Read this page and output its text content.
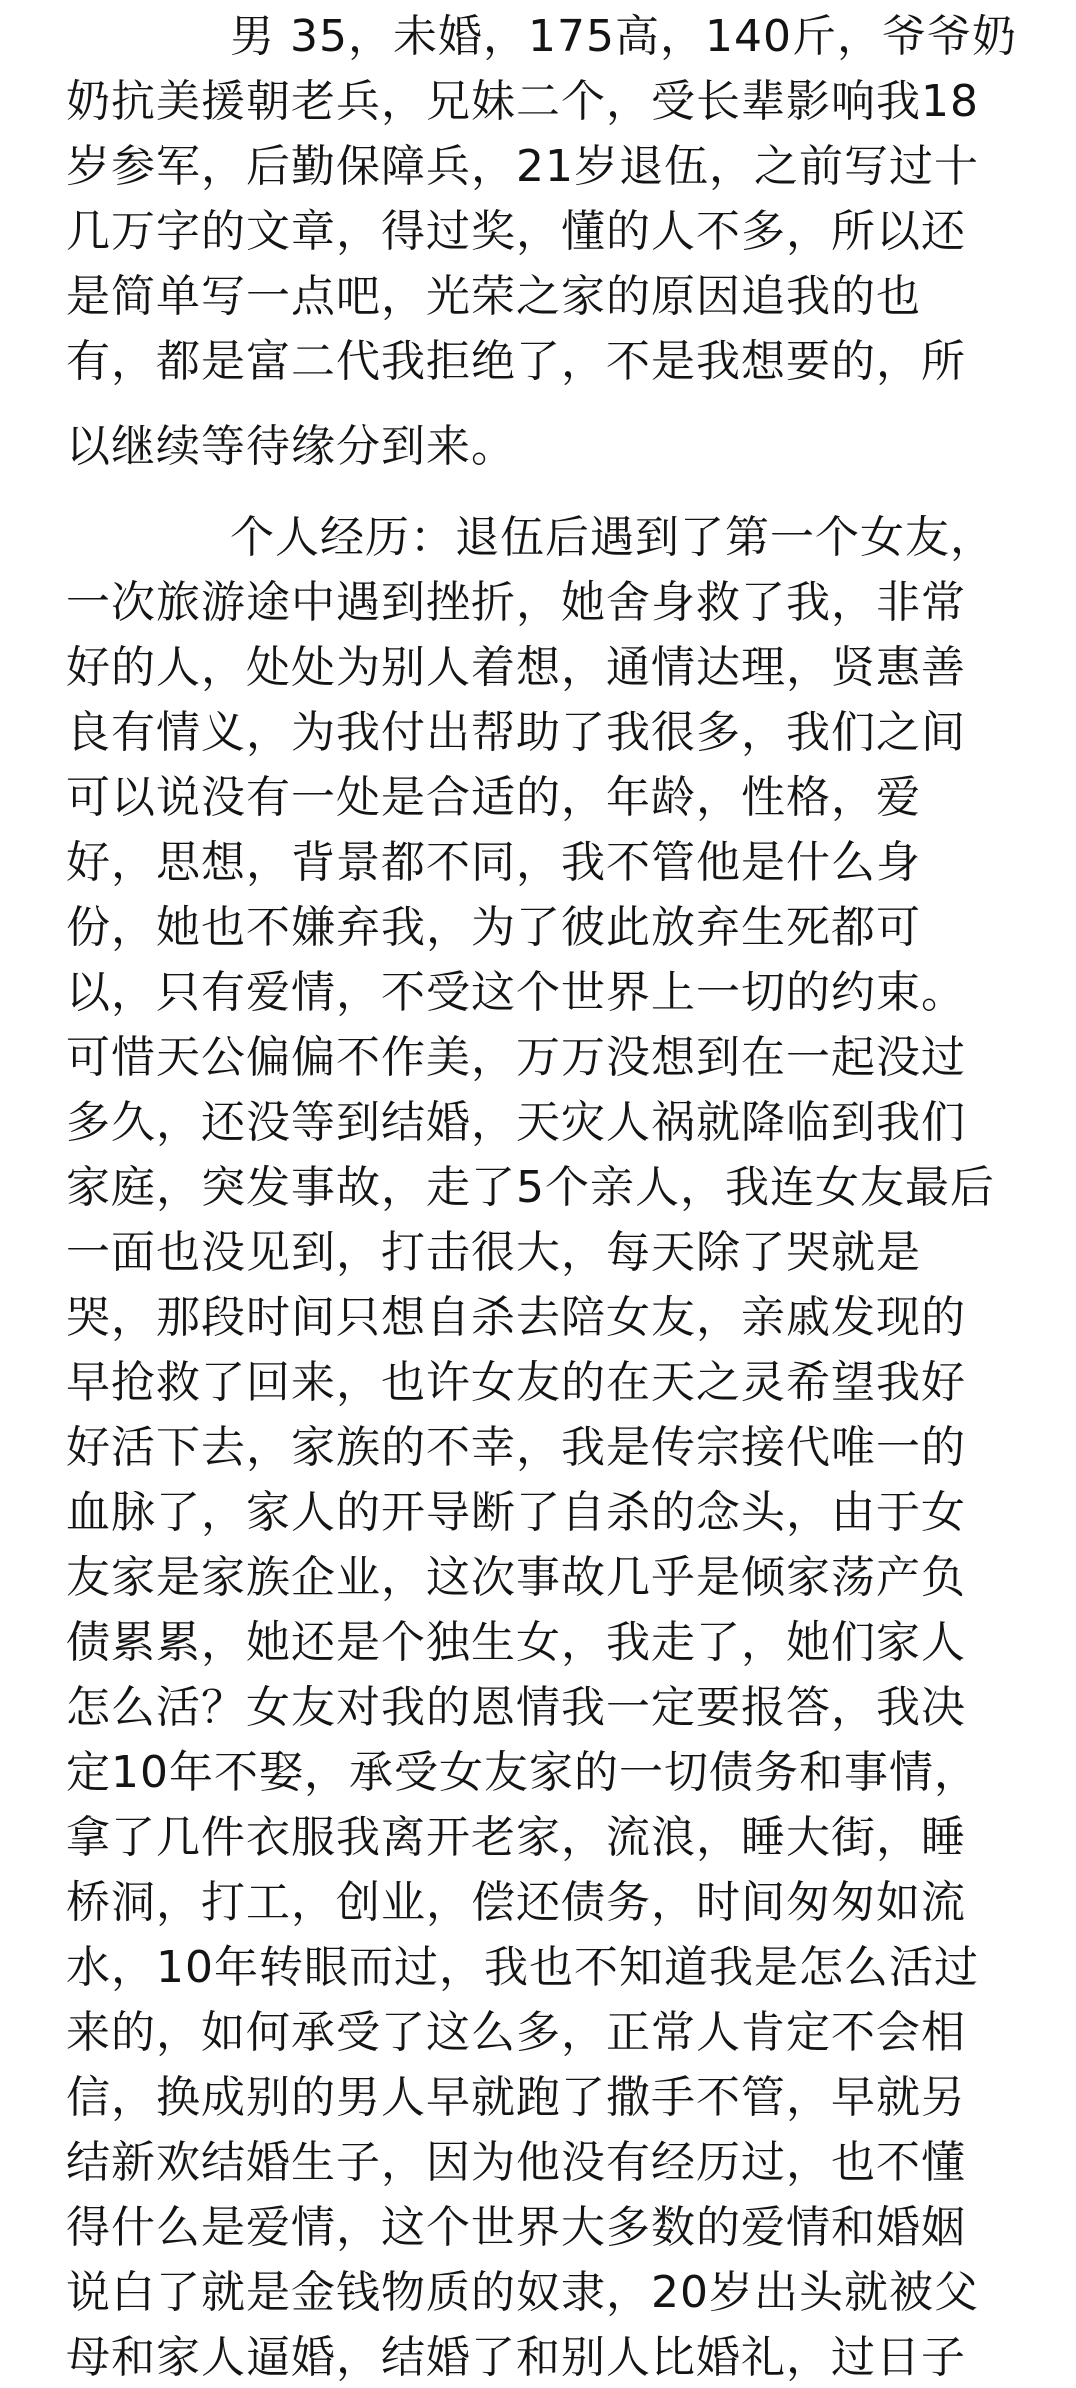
男 35，未婚，175高，140斤，爷爷奶
奶抗美援朝老兵，兄妹二个，受长辈影响我18
岁参军，后勤保障兵，21岁退伍，之前写过十
几万字的文章，得过奖，懂的人不多，所以还
是简单写一点吧，光荣之家的原因追我的也
有，都是富二代我拒绝了，不是我想要的，所
以继续等待缘分到来。
个人经历：退伍后遇到了第一个女友，
一次旅游途中遇到挫折，她舍身救了我，非常
好的人，处处为别人着想，通情达理，贤惠善
良有情义，为我付出帮助了我很多，我们之间
可以说没有一处是合适的，年龄，性格，爱
好，思想，背景都不同，我不管他是什么身
份，她也不嫌弃我，为了彼此放弃生死都可
以，只有爱情，不受这个世界上一切的约束。
可惜天公偏偏不作美，万万没想到在一起没过
多久，还没等到结婚，天灾人祸就降临到我们
家庭，突发事故，走了5个亲人，我连女友最后
一面也没见到，打击很大，每天除了哭就是
哭，那段时间只想自杀去陪女友，亲戚发现的
早抢救了回来，也许女友的在天之灵希望我好
好活下去，家族的不幸，我是传宗接代唯一的
血脉了，家人的开导断了自杀的念头，由于女
友家是家族企业，这次事故几乎是倾家荡产负
债累累，她还是个独生女，我走了，她们家人
怎么活？女友对我的恩情我一定要报答，我决
定10年不娶，承受女友家的一切债务和事情，
拿了几件衣服我离开老家，流浪，睡大街，睡
桥洞，打工，创业，偿还债务，时间匆匆如流
水，10年转眼而过，我也不知道我是怎么活过
来的，如何承受了这么多，正常人肯定不会相
信，换成别的男人早就跑了撒手不管，早就另
结新欢结婚生子，因为他没有经历过，也不懂
得什么是爱情，这个世界大多数的爱情和婚姻
说白了就是金钱物质的奴隶，20岁出头就被父
母和家人逼婚，结婚了和别人比婚礼，过日子
